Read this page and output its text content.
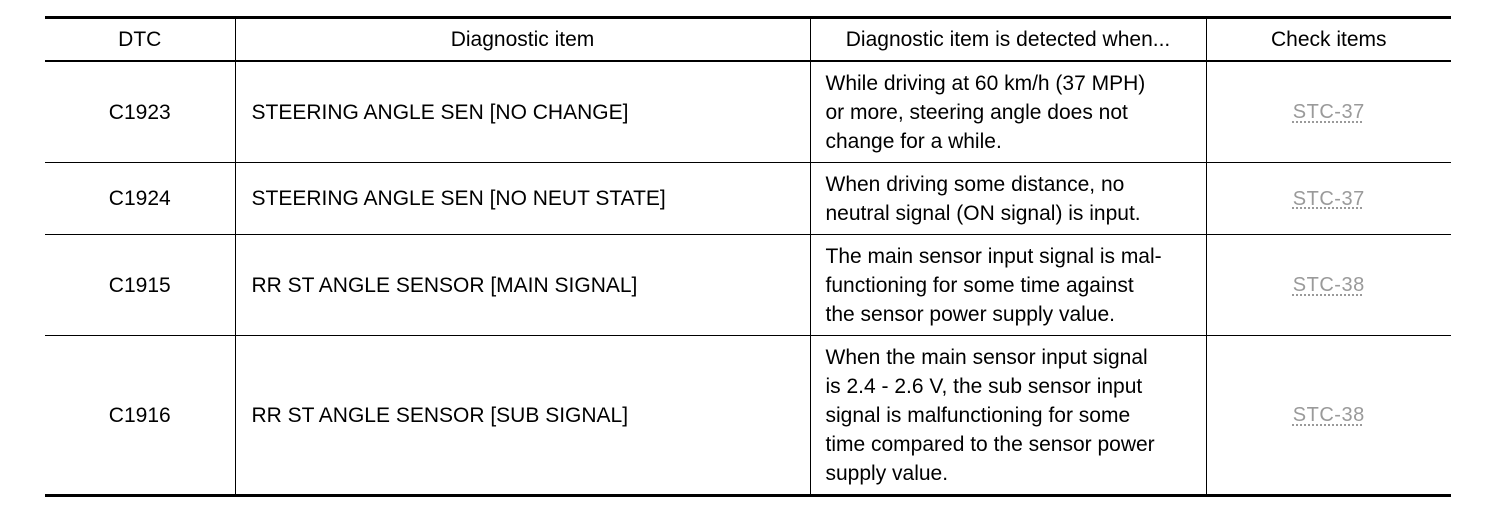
DTC	Diagnostic item	Diagnostic item is detected when...	Check items
C1923	STEERING ANGLE SEN [NO CHANGE]	While driving at 60 km/h (37 MPH)
or more, steering angle does not
change for a while.	STC-37
C1924	STEERING ANGLE SEN [NO NEUT STATE]	When driving some distance, no
neutral signal (ON signal) is input.	STC-37
C1915	RR ST ANGLE SENSOR [MAIN SIGNAL]	The main sensor input signal is mal-
functioning for some time against
the sensor power supply value.	STC-38
C1916	RR ST ANGLE SENSOR [SUB SIGNAL]	When the main sensor input signal
is 2.4 - 2.6 V, the sub sensor input
signal is malfunctioning for some
time compared to the sensor power
supply value.	STC-38
